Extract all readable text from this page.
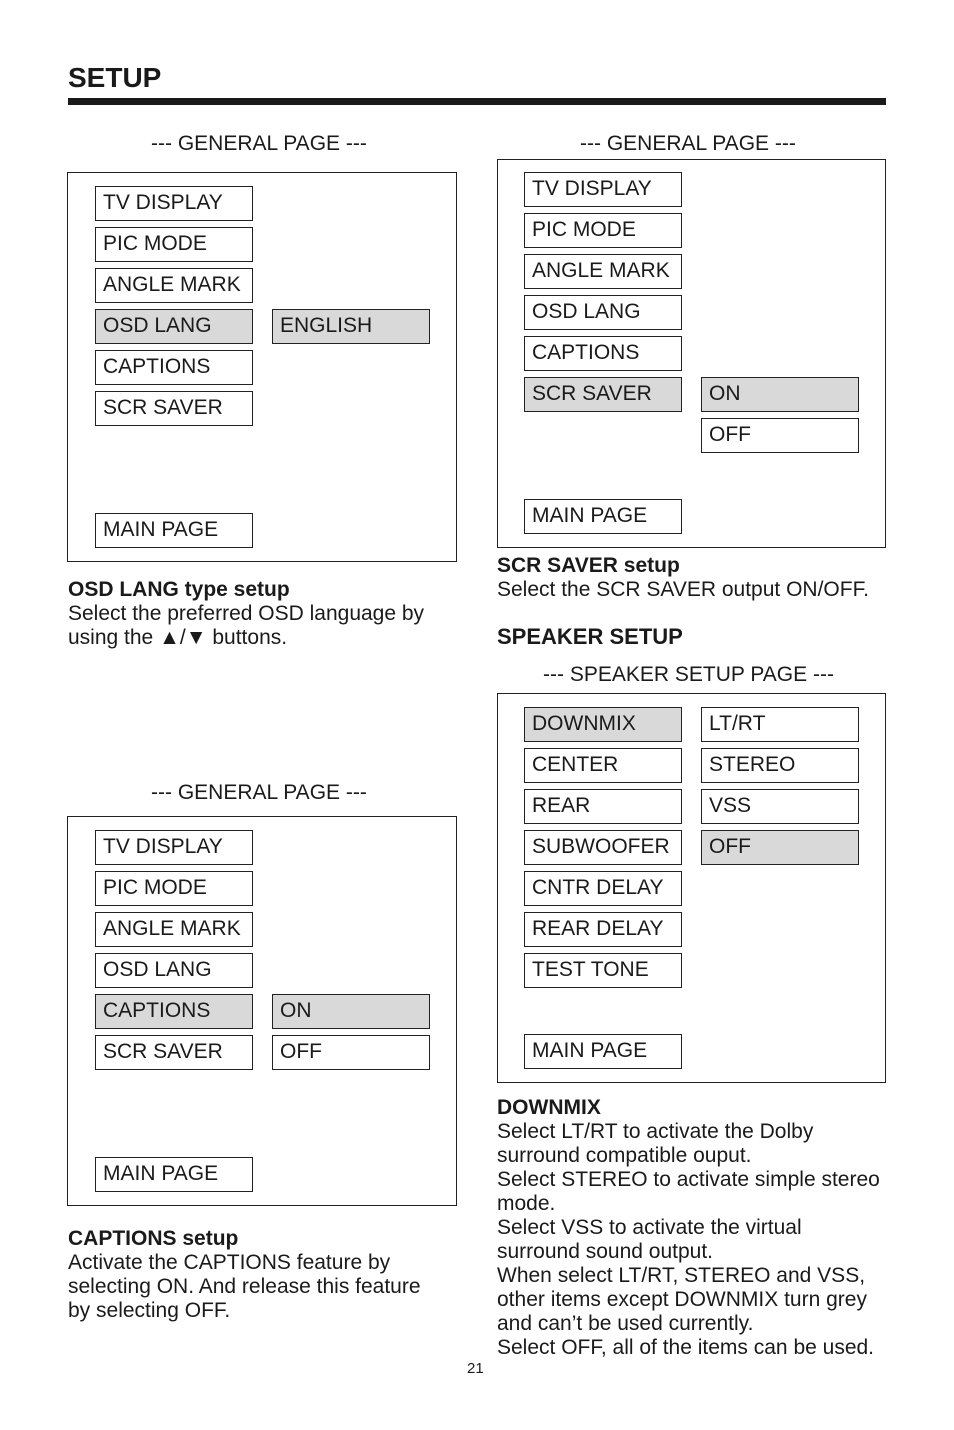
SETUP
--- GENERAL PAGE ---
TV DISPLAY
PIC MODE
ANGLE MARK
OSD LANG
CAPTIONS
SCR SAVER
MAIN PAGE
ENGLISH
OSD LANG type setup
Select the preferred OSD language by
using the ▲/▼ buttons.
--- GENERAL PAGE ---
TV DISPLAY
PIC MODE
ANGLE MARK
OSD LANG
CAPTIONS
SCR SAVER
MAIN PAGE
ON
OFF
SCR SAVER setup
Select the SCR SAVER output ON/OFF.
SPEAKER SETUP
--- SPEAKER SETUP PAGE ---
DOWNMIX
CENTER
REAR
SUBWOOFER
CNTR DELAY
REAR DELAY
TEST TONE
MAIN PAGE
LT/RT
STEREO
VSS
OFF
DOWNMIX
Select LT/RT to activate the Dolby
surround compatible ouput.
Select STEREO to activate simple stereo
mode.
Select VSS to activate the virtual
surround sound output.
When select LT/RT, STEREO and VSS,
other items except DOWNMIX turn grey
and can’t be used currently.
Select OFF, all of the items can be used.
--- GENERAL PAGE ---
TV DISPLAY
PIC MODE
ANGLE MARK
OSD LANG
CAPTIONS
SCR SAVER
MAIN PAGE
ON
OFF
CAPTIONS setup
Activate the CAPTIONS feature by
selecting ON. And release this feature
by selecting OFF.
21
